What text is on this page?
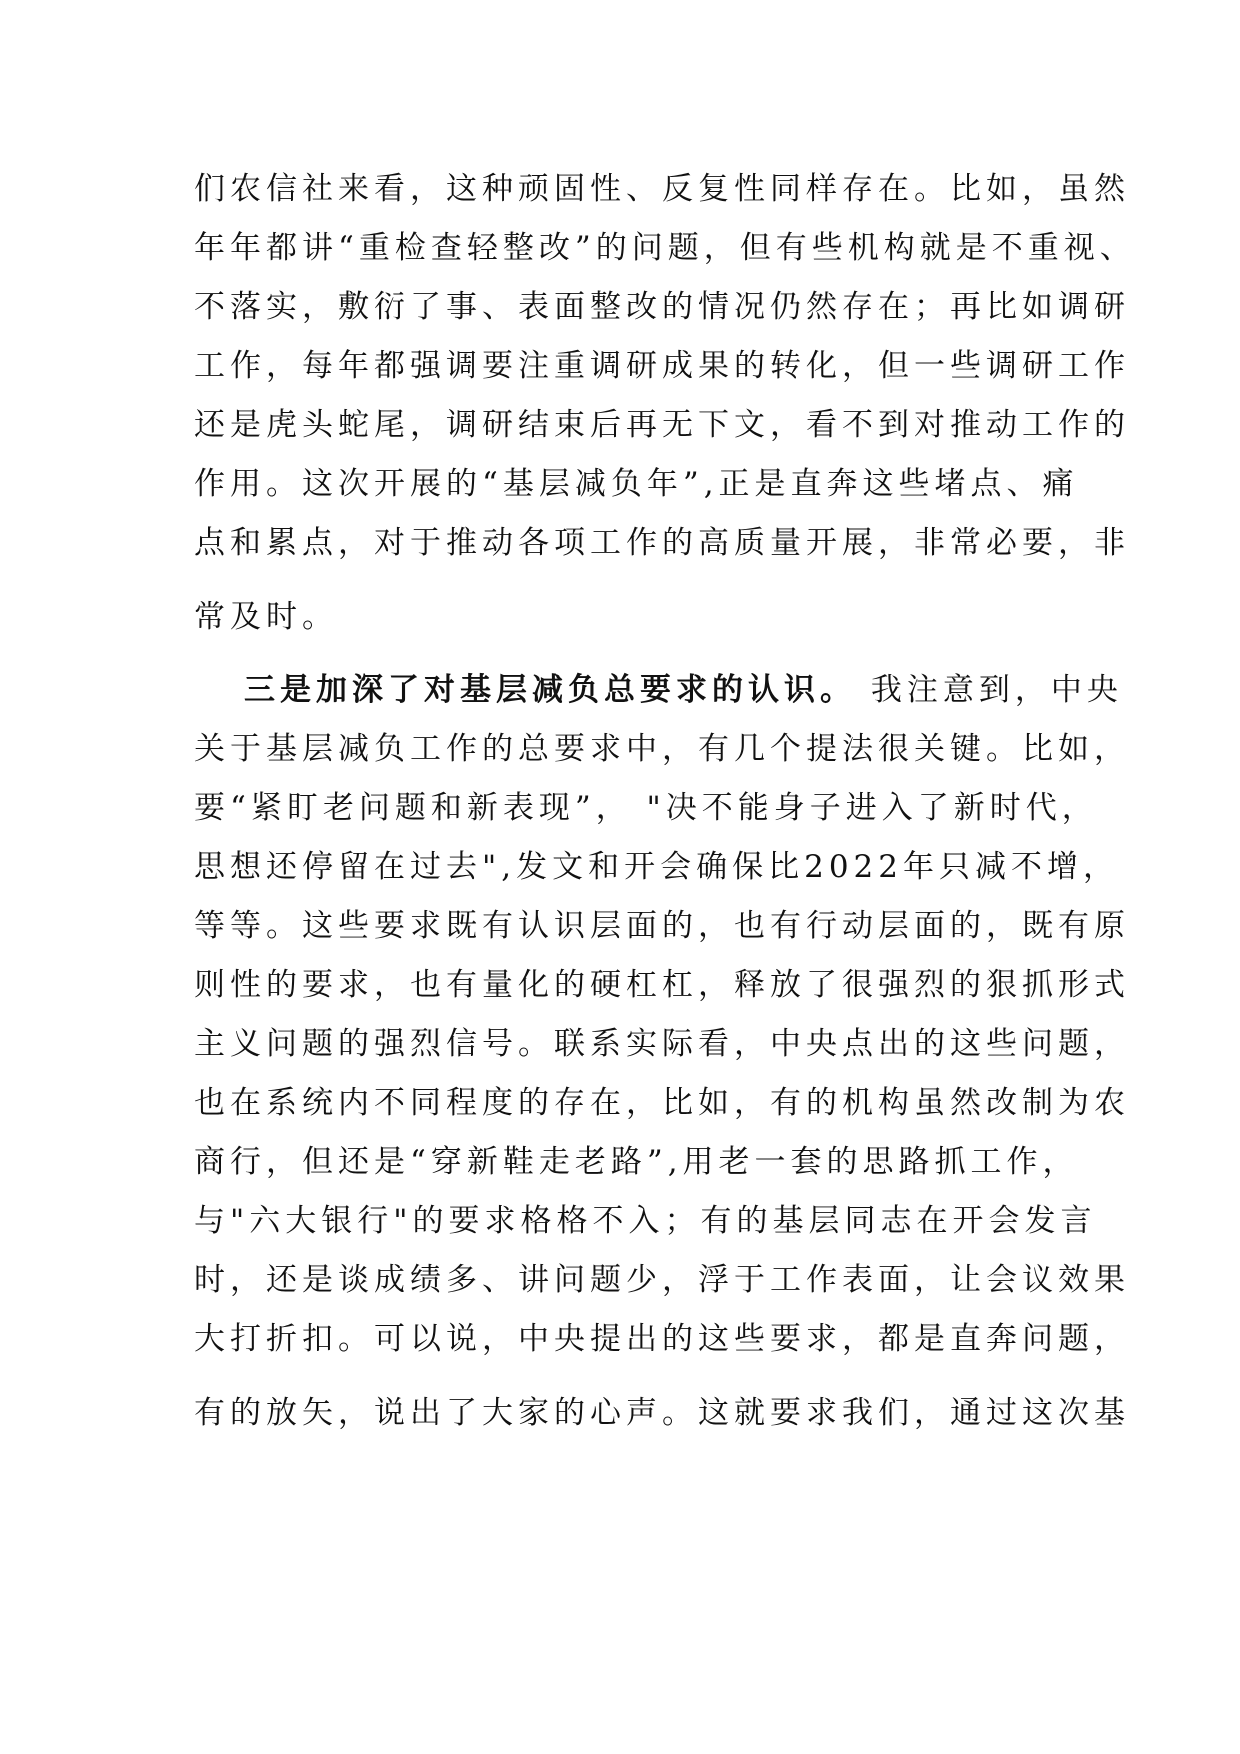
们农信社来看，这种顽固性、反复性同样存在。比如，虽然
年年都讲“重检查轻整改”的问题，但有些机构就是不重视、
不落实，敷衍了事、表面整改的情况仍然存在；再比如调研
工作，每年都强调要注重调研成果的转化，但一些调研工作
还是虎头蛇尾，调研结束后再无下文，看不到对推动工作的
作用。这次开展的“基层减负年”,正是直奔这些堵点、痛
点和累点，对于推动各项工作的高质量开展，非常必要，非
常及时。
三是加深了对基层减负总要求的认识。 我注意到，中央
关于基层减负工作的总要求中，有几个提法很关键。比如，
要“紧盯老问题和新表现”， "决不能身子进入了新时代，
思想还停留在过去",发文和开会确保比2022年只减不增，
等等。这些要求既有认识层面的，也有行动层面的，既有原
则性的要求，也有量化的硬杠杠，释放了很强烈的狠抓形式
主义问题的强烈信号。联系实际看，中央点出的这些问题，
也在系统内不同程度的存在，比如，有的机构虽然改制为农
商行，但还是“穿新鞋走老路”,用老一套的思路抓工作，
与"六大银行"的要求格格不入；有的基层同志在开会发言
时，还是谈成绩多、讲问题少，浮于工作表面，让会议效果
大打折扣。可以说，中央提出的这些要求，都是直奔问题，
有的放矢，说出了大家的心声。这就要求我们，通过这次基
